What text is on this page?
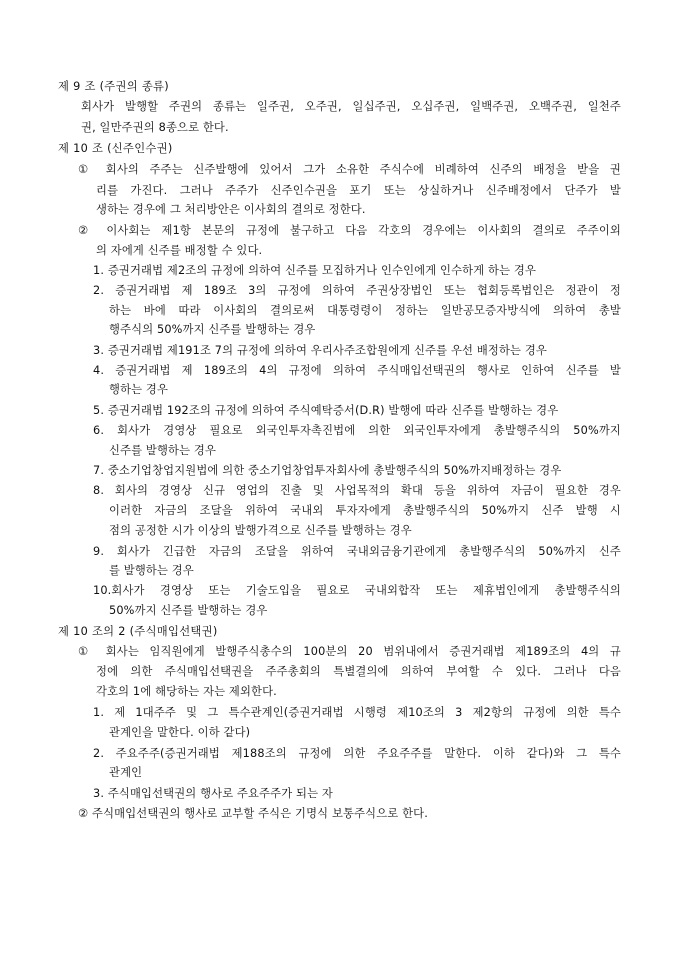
제 9 조 (주권의 종류)
회사가 발행할 주권의 종류는 일주권, 오주권, 일십주권, 오십주권, 일백주권, 오백주권, 일천주
권, 일만주권의 8종으로 한다.
제 10 조 (신주인수권)
① 회사의 주주는 신주발행에 있어서 그가 소유한 주식수에 비례하여 신주의 배정을 받을 권
리를 가진다. 그러나 주주가 신주인수권을 포기 또는 상실하거나 신주배정에서 단주가 발
생하는 경우에 그 처리방안은 이사회의 결의로 정한다.
② 이사회는 제1항 본문의 규정에 불구하고 다음 각호의 경우에는 이사회의 결의로 주주이외
의 자에게 신주를 배정할 수 있다.
1. 증권거래법 제2조의 규정에 의하여 신주를 모집하거나 인수인에게 인수하게 하는 경우
2. 증권거래법 제 189조 3의 규정에 의하여 주권상장법인 또는 협회등록법인은 정관이 정
하는 바에 따라 이사회의 결의로써 대통령령이 정하는 일반공모증자방식에 의하여 총발
행주식의 50%까지 신주를 발행하는 경우
3. 증권거래법 제191조 7의 규정에 의하여 우리사주조합원에게 신주를 우선 배정하는 경우
4. 증권거래법 제 189조의 4의 규정에 의하여 주식매입선택권의 행사로 인하여 신주를 발
행하는 경우
5. 증권거래법 192조의 규정에 의하여 주식예탁증서(D.R) 발행에 따라 신주를 발행하는 경우
6. 회사가 경영상 필요로 외국인투자촉진법에 의한 외국인투자에게 총발행주식의 50%까지
신주를 발행하는 경우
7. 중소기업창업지원법에 의한 중소기업창업투자회사에 총발행주식의 50%까지배정하는 경우
8. 회사의 경영상 신규 영업의 진출 및 사업목적의 확대 등을 위하여 자금이 필요한 경우
이러한 자금의 조달을 위하여 국내외 투자자에게 총발행주식의 50%까지 신주 발행 시
점의 공정한 시가 이상의 발행가격으로 신주를 발행하는 경우
9. 회사가 긴급한 자금의 조달을 위하여 국내외금융기관에게 총발행주식의 50%까지 신주
를 발행하는 경우
10.회사가 경영상 또는 기술도입을 필요로 국내외합작 또는 제휴법인에게 총발행주식의
50%까지 신주를 발행하는 경우
제 10 조의 2 (주식매입선택권)
① 회사는 임직원에게 발행주식총수의 100분의 20 범위내에서 증권거래법 제189조의 4의 규
정에 의한 주식매입선택권을 주주총회의 특별결의에 의하여 부여할 수 있다. 그러나 다음
각호의 1에 해당하는 자는 제외한다.
1. 제 1대주주 및 그 특수관계인(증권거래법 시행령 제10조의 3 제2항의 규정에 의한 특수
관계인을 말한다. 이하 같다)
2. 주요주주(증권거래법 제188조의 규정에 의한 주요주주를 말한다. 이하 같다)와 그 특수
관계인
3. 주식매입선택권의 행사로 주요주주가 되는 자
② 주식매입선택권의 행사로 교부할 주식은 기명식 보통주식으로 한다.
